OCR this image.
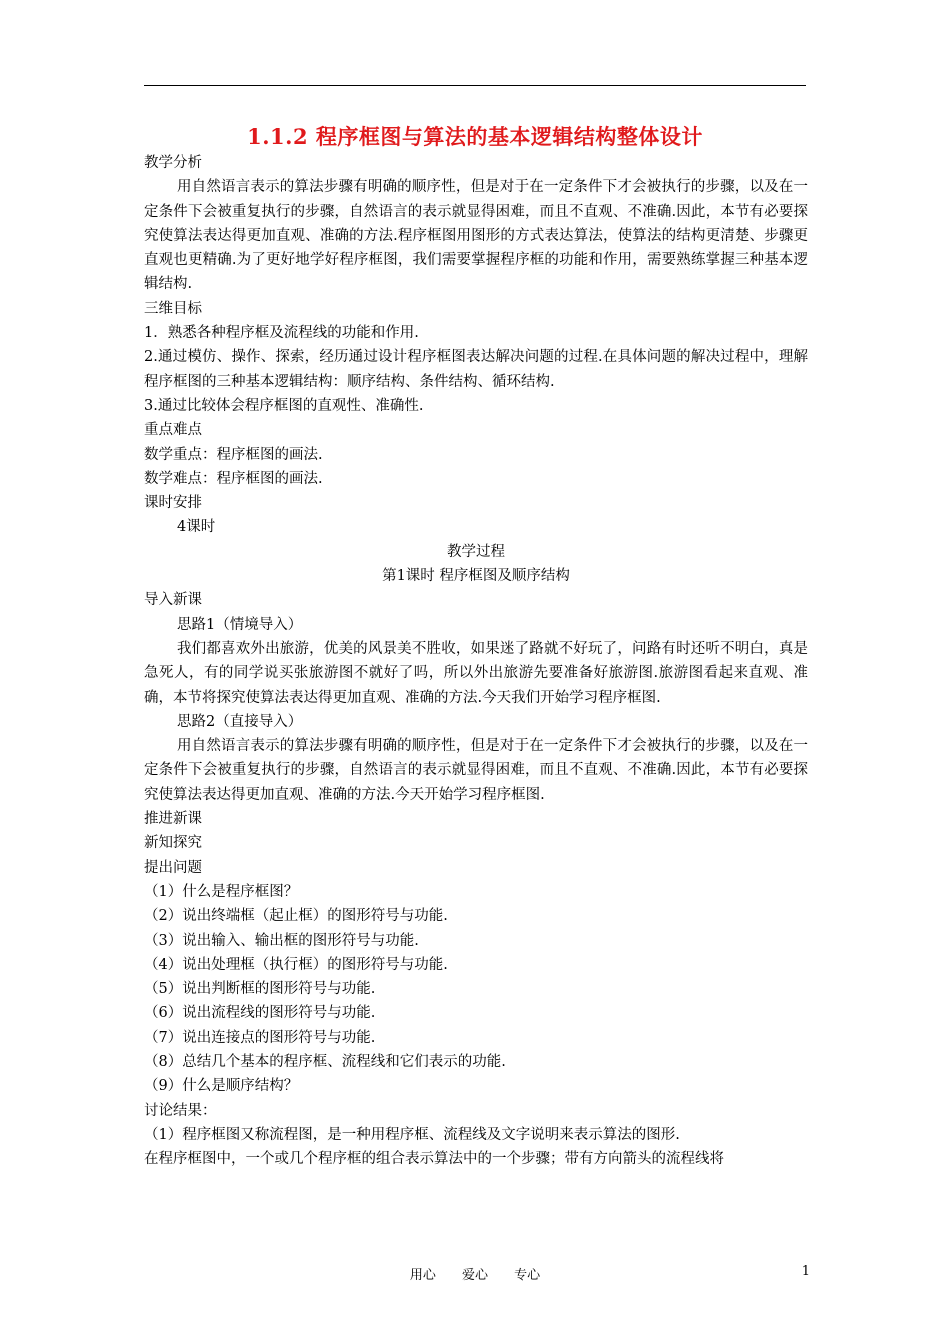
1.1.2 程序框图与算法的基本逻辑结构整体设计

教学分析

用自然语言表示的算法步骤有明确的顺序性，但是对于在一定条件下才会被执行的步骤，以及在一定条件下会被重复执行的步骤，自然语言的表示就显得困难，而且不直观、不准确.因此，本节有必要探究使算法表达得更加直观、准确的方法.程序框图用图形的方式表达算法，使算法的结构更清楚、步骤更直观也更精确.为了更好地学好程序框图，我们需要掌握程序框的功能和作用，需要熟练掌握三种基本逻辑结构.

三维目标

1．熟悉各种程序框及流程线的功能和作用.

2.通过模仿、操作、探索，经历通过设计程序框图表达解决问题的过程.在具体问题的解决过程中，理解程序框图的三种基本逻辑结构：顺序结构、条件结构、循环结构.

3.通过比较体会程序框图的直观性、准确性.

重点难点

数学重点：程序框图的画法.

数学难点：程序框图的画法.

课时安排

4课时

教学过程

第1课时 程序框图及顺序结构

导入新课

思路1（情境导入）

我们都喜欢外出旅游，优美的风景美不胜收，如果迷了路就不好玩了，问路有时还听不明白，真是急死人，有的同学说买张旅游图不就好了吗，所以外出旅游先要准备好旅游图.旅游图看起来直观、准确，本节将探究使算法表达得更加直观、准确的方法.今天我们开始学习程序框图.

思路2（直接导入）

用自然语言表示的算法步骤有明确的顺序性，但是对于在一定条件下才会被执行的步骤，以及在一定条件下会被重复执行的步骤，自然语言的表示就显得困难，而且不直观、不准确.因此，本节有必要探究使算法表达得更加直观、准确的方法.今天开始学习程序框图.

推进新课

新知探究

提出问题

（1）什么是程序框图？

（2）说出终端框（起止框）的图形符号与功能.

（3）说出输入、输出框的图形符号与功能.

（4）说出处理框（执行框）的图形符号与功能.

（5）说出判断框的图形符号与功能.

（6）说出流程线的图形符号与功能.

（7）说出连接点的图形符号与功能.

（8）总结几个基本的程序框、流程线和它们表示的功能.

（9）什么是顺序结构？

讨论结果：

（1）程序框图又称流程图，是一种用程序框、流程线及文字说明来表示算法的图形.

在程序框图中，一个或几个程序框的组合表示算法中的一个步骤；带有方向箭头的流程线将

用心 爱心 专心	1
